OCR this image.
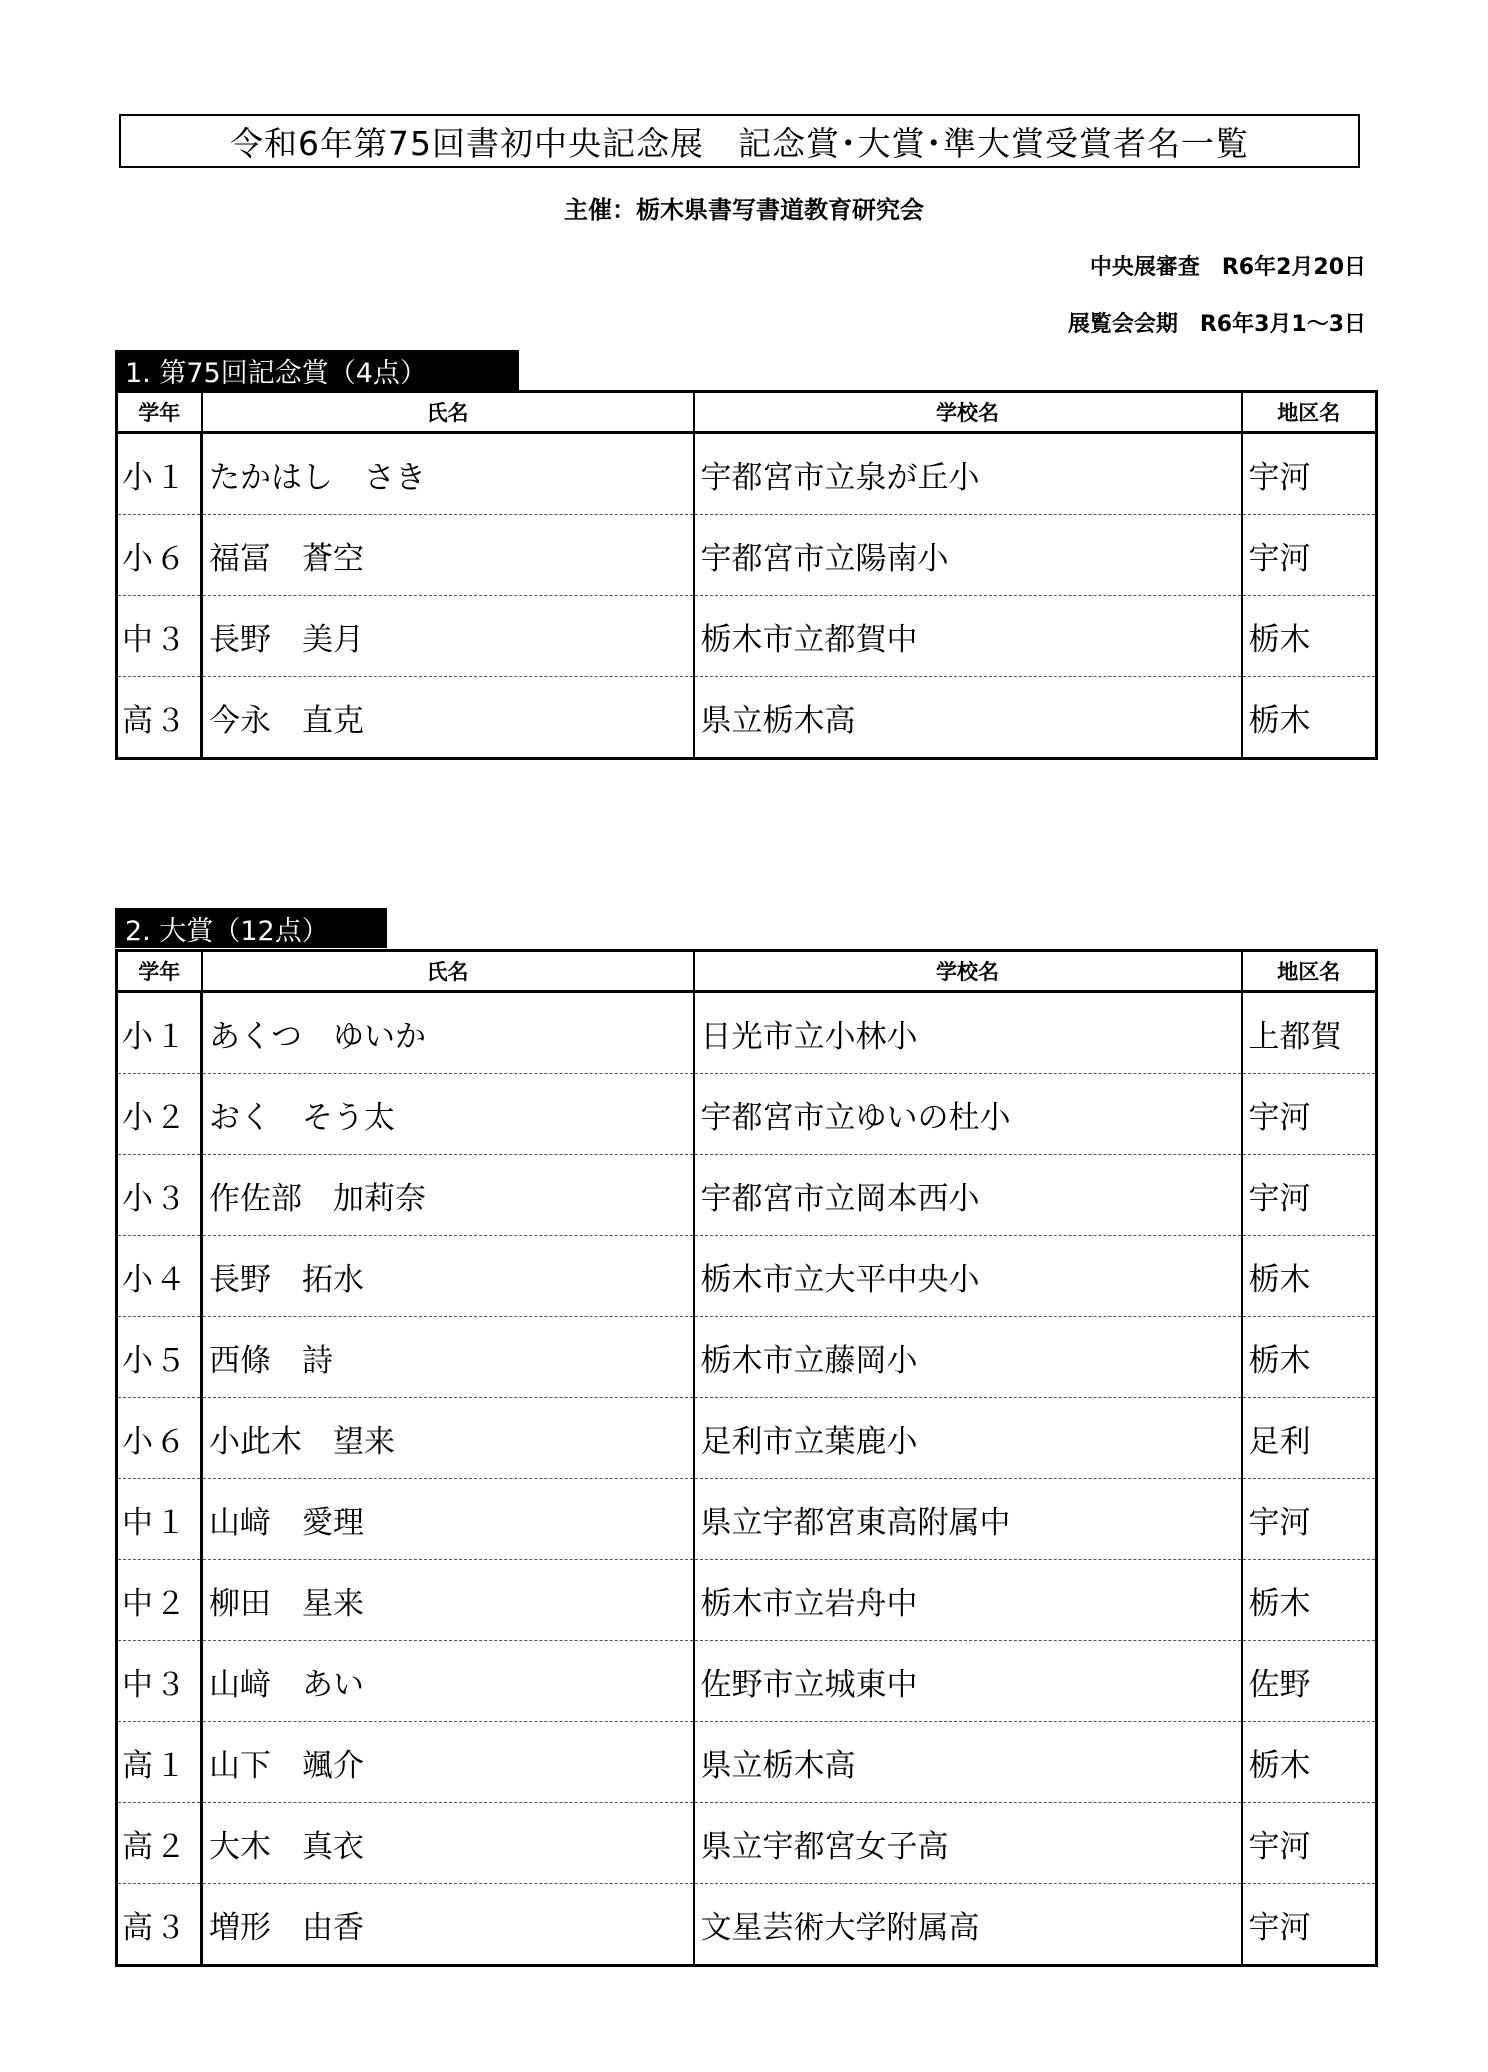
令和6年第75回書初中央記念展　記念賞･大賞･準大賞受賞者名一覧
主催：栃木県書写書道教育研究会
中央展審査　R6年2月20日
展覧会会期　R6年3月1～3日
1. 第75回記念賞（4点）
学年	氏名	学校名	地区名
小１	たかはし　さき	宇都宮市立泉が丘小	宇河
小６	福冨　蒼空	宇都宮市立陽南小	宇河
中３	長野　美月	栃木市立都賀中	栃木
高３	今永　直克	県立栃木高	栃木
2. 大賞（12点）
学年	氏名	学校名	地区名
小１	あくつ　ゆいか	日光市立小林小	上都賀
小２	おく　そう太	宇都宮市立ゆいの杜小	宇河
小３	作佐部　加莉奈	宇都宮市立岡本西小	宇河
小４	長野　拓水	栃木市立大平中央小	栃木
小５	西條　詩	栃木市立藤岡小	栃木
小６	小此木　望来	足利市立葉鹿小	足利
中１	山﨑　愛理	県立宇都宮東高附属中	宇河
中２	柳田　星来	栃木市立岩舟中	栃木
中３	山﨑　あい	佐野市立城東中	佐野
高１	山下　颯介	県立栃木高	栃木
高２	大木　真衣	県立宇都宮女子高	宇河
高３	増形　由香	文星芸術大学附属高	宇河
